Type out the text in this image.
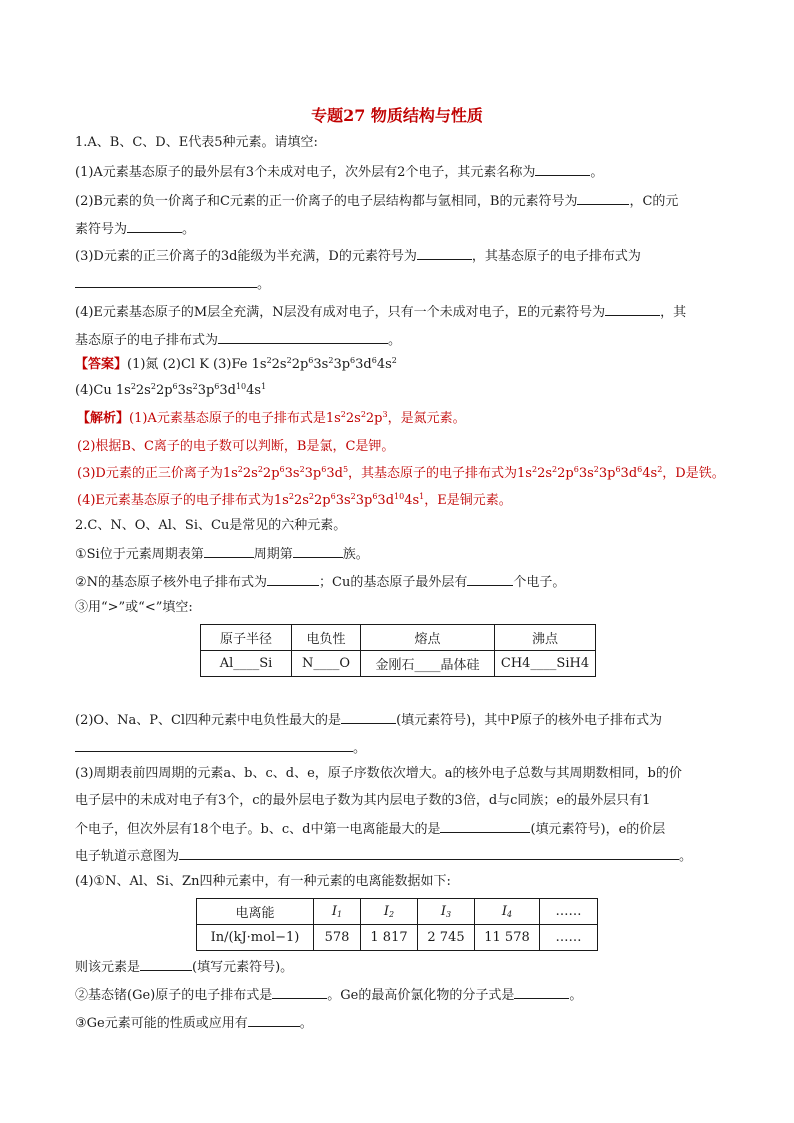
专题27 物质结构与性质
1.A、B、C、D、E代表5种元素。请填空:
(1)A元素基态原子的最外层有3个未成对电子，次外层有2个电子，其元素名称为	。
(2)B元素的负一价离子和C元素的正一价离子的电子层结构都与氩相同，B的元素符号为	，C的元
素符号为	。
(3)D元素的正三价离子的3d能级为半充满，D的元素符号为	，其基态原子的电子排布式为
。
(4)E元素基态原子的M层全充满，N层没有成对电子，只有一个未成对电子，E的元素符号为	，其
基态原子的电子排布式为	。
【答案】(1)氮 (2)Cl K (3)Fe $1s^22s^22p^63s^23p^63d^64s^2$
(4)Cu $1s^22s^22p^63s^23p^63d^{10}4s^1$
【解析】(1)A元素基态原子的电子排布式是$1s^22s^22p^3$，是氮元素。
(2)根据B、C离子的电子数可以判断，B是氯，C是钾。
(3)D元素的正三价离子为$1s^22s^22p^63s^23p^63d^5$，其基态原子的电子排布式为$1s^22s^22p^63s^23p^63d^64s^2$，D是铁。
(4)E元素基态原子的电子排布式为$1s^22s^22p^63s^23p^63d^{10}4s^1$，E是铜元素。
2.C、N、O、Al、Si、Cu是常见的六种元素。
①Si位于元素周期表第	周期第	族。
②N的基态原子核外电子排布式为	；Cu的基态原子最外层有	个电子。
③用“>”或“<”填空:
原子半径	电负性	熔点	沸点
Al____Si	N____O	金刚石____晶体硅	CH4____SiH4
(2)O、Na、P、Cl四种元素中电负性最大的是	(填元素符号)，其中P原子的核外电子排布式为
。
(3)周期表前四周期的元素a、b、c、d、e，原子序数依次增大。a的核外电子总数与其周期数相同，b的价
电子层中的未成对电子有3个，c的最外层电子数为其内层电子数的3倍，d与c同族；e的最外层只有1
个电子，但次外层有18个电子。b、c、d中第一电离能最大的是	(填元素符号)，e的价层
电子轨道示意图为	。
(4)①N、Al、Si、Zn四种元素中，有一种元素的电离能数据如下:
电离能	$I_1$	$I_2$	$I_3$	$I_4$	……
In/(kJ·mol−1)	578	1 817	2 745	11 578	……
则该元素是	(填写元素符号)。
②基态锗(Ge)原子的电子排布式是	。Ge的最高价氯化物的分子式是	。
③Ge元素可能的性质或应用有	。
